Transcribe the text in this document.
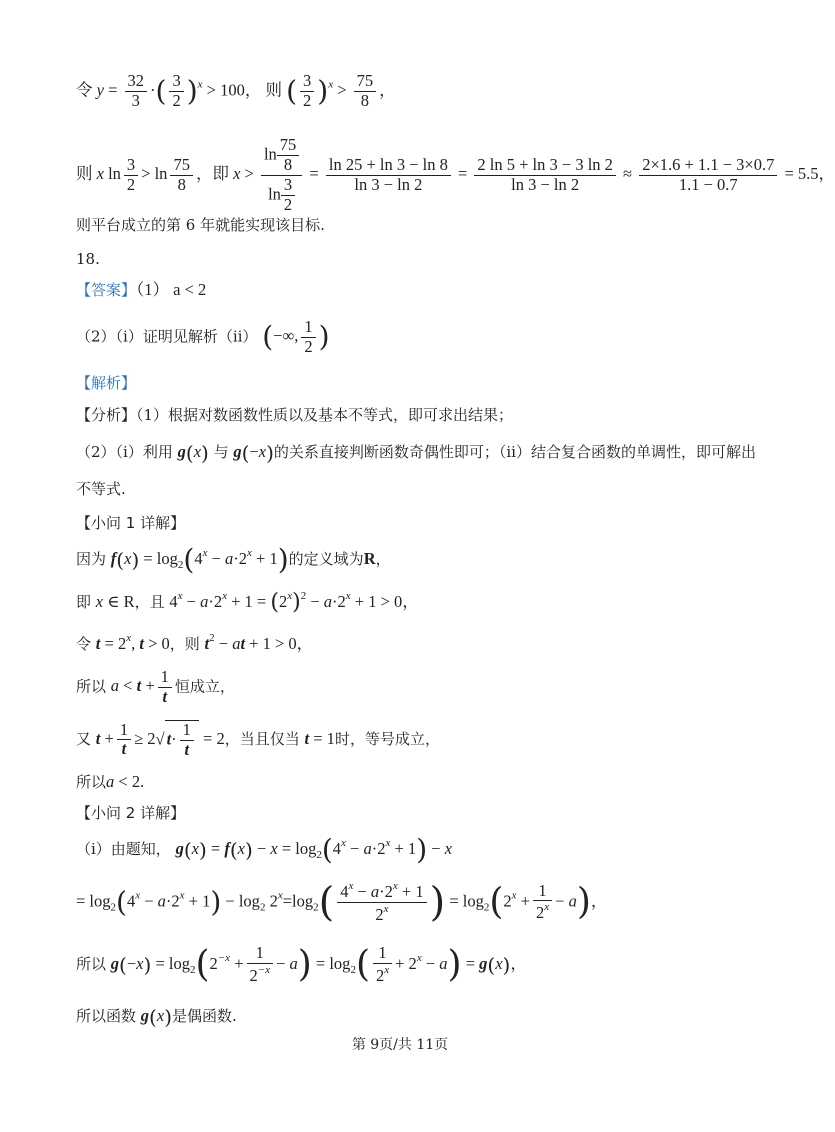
令 $y = \frac{32}{3}$ ·( $\frac{3}{2} )^x > 100$， 则 ( $\frac{3}{2} )^x > \frac{75}{8}$ ，
则 x $\ln \frac{3}{2} > \ln \frac{75}{8}$ ，即 $x > \frac{\ln \frac{75}{8}}{\ln \frac{3}{2}} = \frac{\ln 25 + \ln 3 - \ln 8}{\ln 3 - \ln 2} = \frac{2 \ln 5 + \ln 3 - 3 \ln 2}{\ln 3 - \ln 2} \approx \frac{2\times 1.6 + 1.1 - 3\times 0.7}{1.1 - 0.7} = 5.5$，
则平台成立的第 6 年就能实现该目标.
18.
【答案】（1） a < 2
（2）（ⅰ）证明见解析（ⅱ） (−∞, $\frac{1}{2}$ )
【解析】
【分析】（1）根据对数函数性质以及基本不等式，即可求出结果；
（2）（ⅰ）利用 g(x) 与 g(−x)的关系直接判断函数奇偶性即可；（ⅱ）结合复合函数的单调性，即可解出
不等式.
【小问 1 详解】
因为 $f(x) = \log_2(4^x - a\cdot 2^x + 1)$的定义域为R，
即 x ∈ R，且 $4^x - a\cdot 2^x + 1 = (2^x)^2 - a\cdot 2^x + 1 > 0$，
令 $t = 2^x$, t > 0，则 $t^2$ − at + 1 > 0，
所以 $a < t + \frac{1}{t}$ 恒成立，
又 $t + \frac{1}{t} \ge 2√$ $t\cdot \frac{1}{t} = 2$，当且仅当 t = 1时，等号成立，
所以a < 2.
【小问 2 详解】
（ⅰ）由题知， $g(x) = f(x) - x = \log_2(4^x - a\cdot 2^x + 1) - x$
= $\log_2(4^x - a\cdot 2^x + 1) - \log_2 2^x=\log_2( \frac{4^x - a\cdot 2^x + 1}{2^x}$ ) = $\log_2(2^x + \frac{1}{2^x} - a)$，
所以 $g(-x) = \log_2(2^{-x} + \frac{1}{2^{-x}} - a) = \log_2( \frac{1}{2^x} + 2^x - a) = g(x)$，
所以函数 g(x)是偶函数.
第 9页/共 11页
